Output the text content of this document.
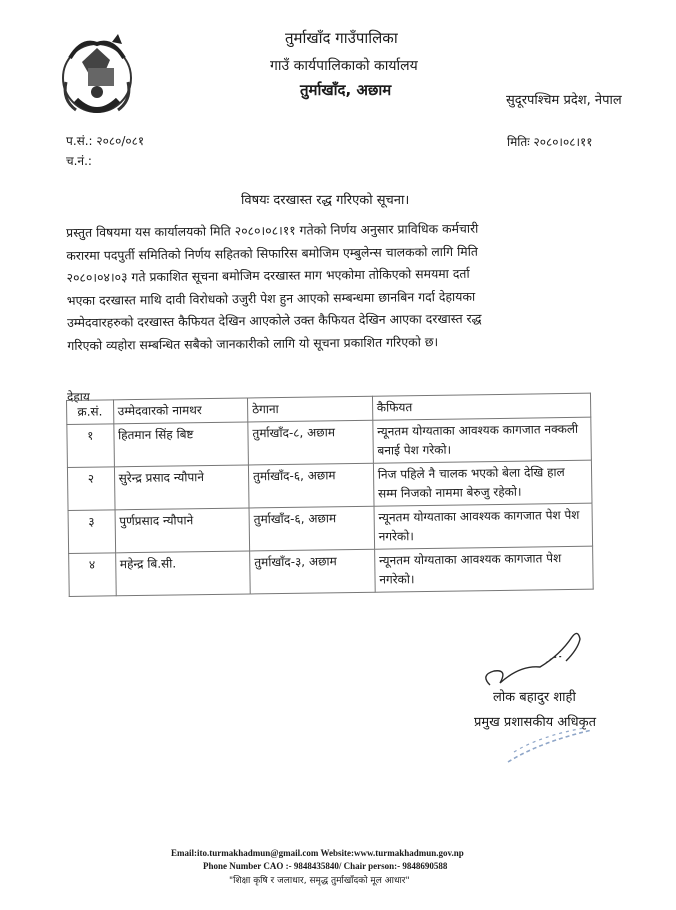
तुर्माखाँद गाउँपालिका
गाउँ कार्यपालिकाको कार्यालय
तुर्माखाँद, अछाम
सुदूरपश्चिम प्रदेश, नेपाल
प.सं.: २०८०/०८१
च.नं.:
मितिः २०८०।०८।११
विषयः दरखास्त रद्ध गरिएको सूचना।
प्रस्तुत विषयमा यस कार्यालयको मिति २०८०।०८।११ गतेको निर्णय अनुसार प्राविधिक कर्मचारी
करारमा पदपुर्ती समितिको निर्णय सहितको सिफारिस बमोजिम एम्बुलेन्स चालकको लागि मिति
२०८०।०४।०३ गते प्रकाशित सूचना बमोजिम दरखास्त माग भएकोमा तोकिएको समयमा दर्ता
भएका दरखास्त माथि दावी विरोधको उजुरी पेश हुन आएको सम्बन्धमा छानबिन गर्दा देहायका
उम्मेदवारहरुको दरखास्त कैफियत देखिन आएकोले उक्त कैफियत देखिन आएका दरखास्त रद्ध
गरिएको व्यहोरा सम्बन्धित सबैको जानकारीको लागि यो सूचना प्रकाशित गरिएको छ।
देहाय
क्र.सं.	उम्मेदवारको नामथर	ठेगाना	कैफियत
१	हितमान सिंह बिष्ट	तुर्माखाँद-८, अछाम	न्यूनतम योग्यताका आवश्यक कागजात नक्कली बनाई पेश गरेको।
२	सुरेन्द्र प्रसाद न्यौपाने	तुर्माखाँद-६, अछाम	निज पहिले नै चालक भएको बेला देखि हाल सम्म निजको नाममा बेरुजु रहेको।
३	पुर्णप्रसाद न्यौपाने	तुर्माखाँद-६, अछाम	न्यूनतम योग्यताका आवश्यक कागजात पेश पेश नगरेको।
४	महेन्द्र बि.सी.	तुर्माखाँद-३, अछाम	न्यूनतम योग्यताका आवश्यक कागजात पेश नगरेको।
लोक बहादुर शाही
प्रमुख प्रशासकीय अधिकृत
Email:ito.turmakhadmun@gmail.com Website:www.turmakhadmun.gov.np
Phone Number CAO :- 9848435840/ Chair person:- 9848690588
"शिक्षा कृषि र जलाधार, समृद्ध तुर्माखाँदको मूल आधार"
